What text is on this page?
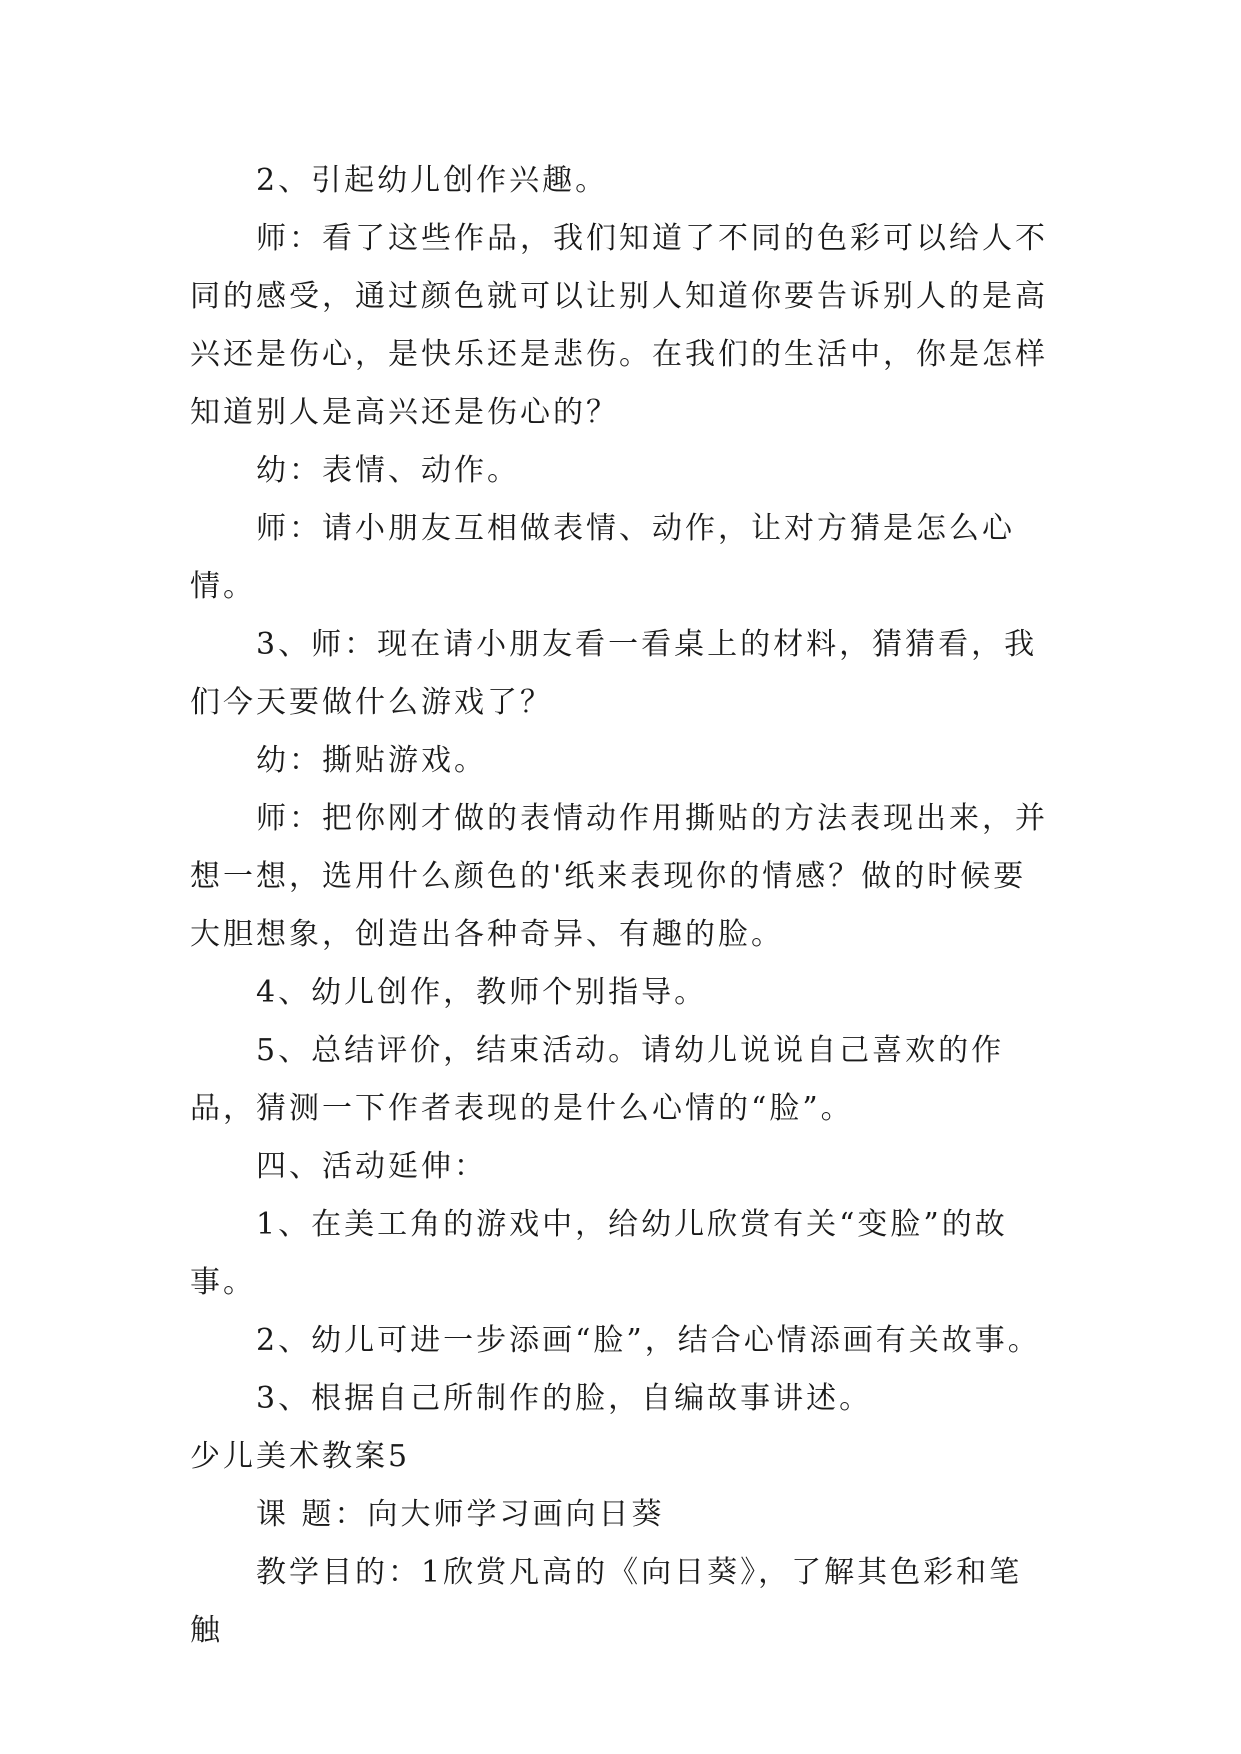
2、引起幼儿创作兴趣。

师：看了这些作品，我们知道了不同的色彩可以给人不同的感受，通过颜色就可以让别人知道你要告诉别人的是高兴还是伤心，是快乐还是悲伤。在我们的生活中，你是怎样知道别人是高兴还是伤心的？

幼：表情、动作。

师：请小朋友互相做表情、动作，让对方猜是怎么心情。

3、师：现在请小朋友看一看桌上的材料，猜猜看，我们今天要做什么游戏了？

幼：撕贴游戏。

师：把你刚才做的表情动作用撕贴的方法表现出来，并想一想，选用什么颜色的'纸来表现你的情感？做的时候要大胆想象，创造出各种奇异、有趣的脸。

4、幼儿创作，教师个别指导。

5、总结评价，结束活动。请幼儿说说自己喜欢的作品，猜测一下作者表现的是什么心情的“脸”。

四、活动延伸：

1、在美工角的游戏中，给幼儿欣赏有关“变脸”的故事。

2、幼儿可进一步添画“脸”，结合心情添画有关故事。

3、根据自己所制作的脸，自编故事讲述。

少儿美术教案5

课 题：向大师学习画向日葵

教学目的：1欣赏凡高的《向日葵》，了解其色彩和笔触
